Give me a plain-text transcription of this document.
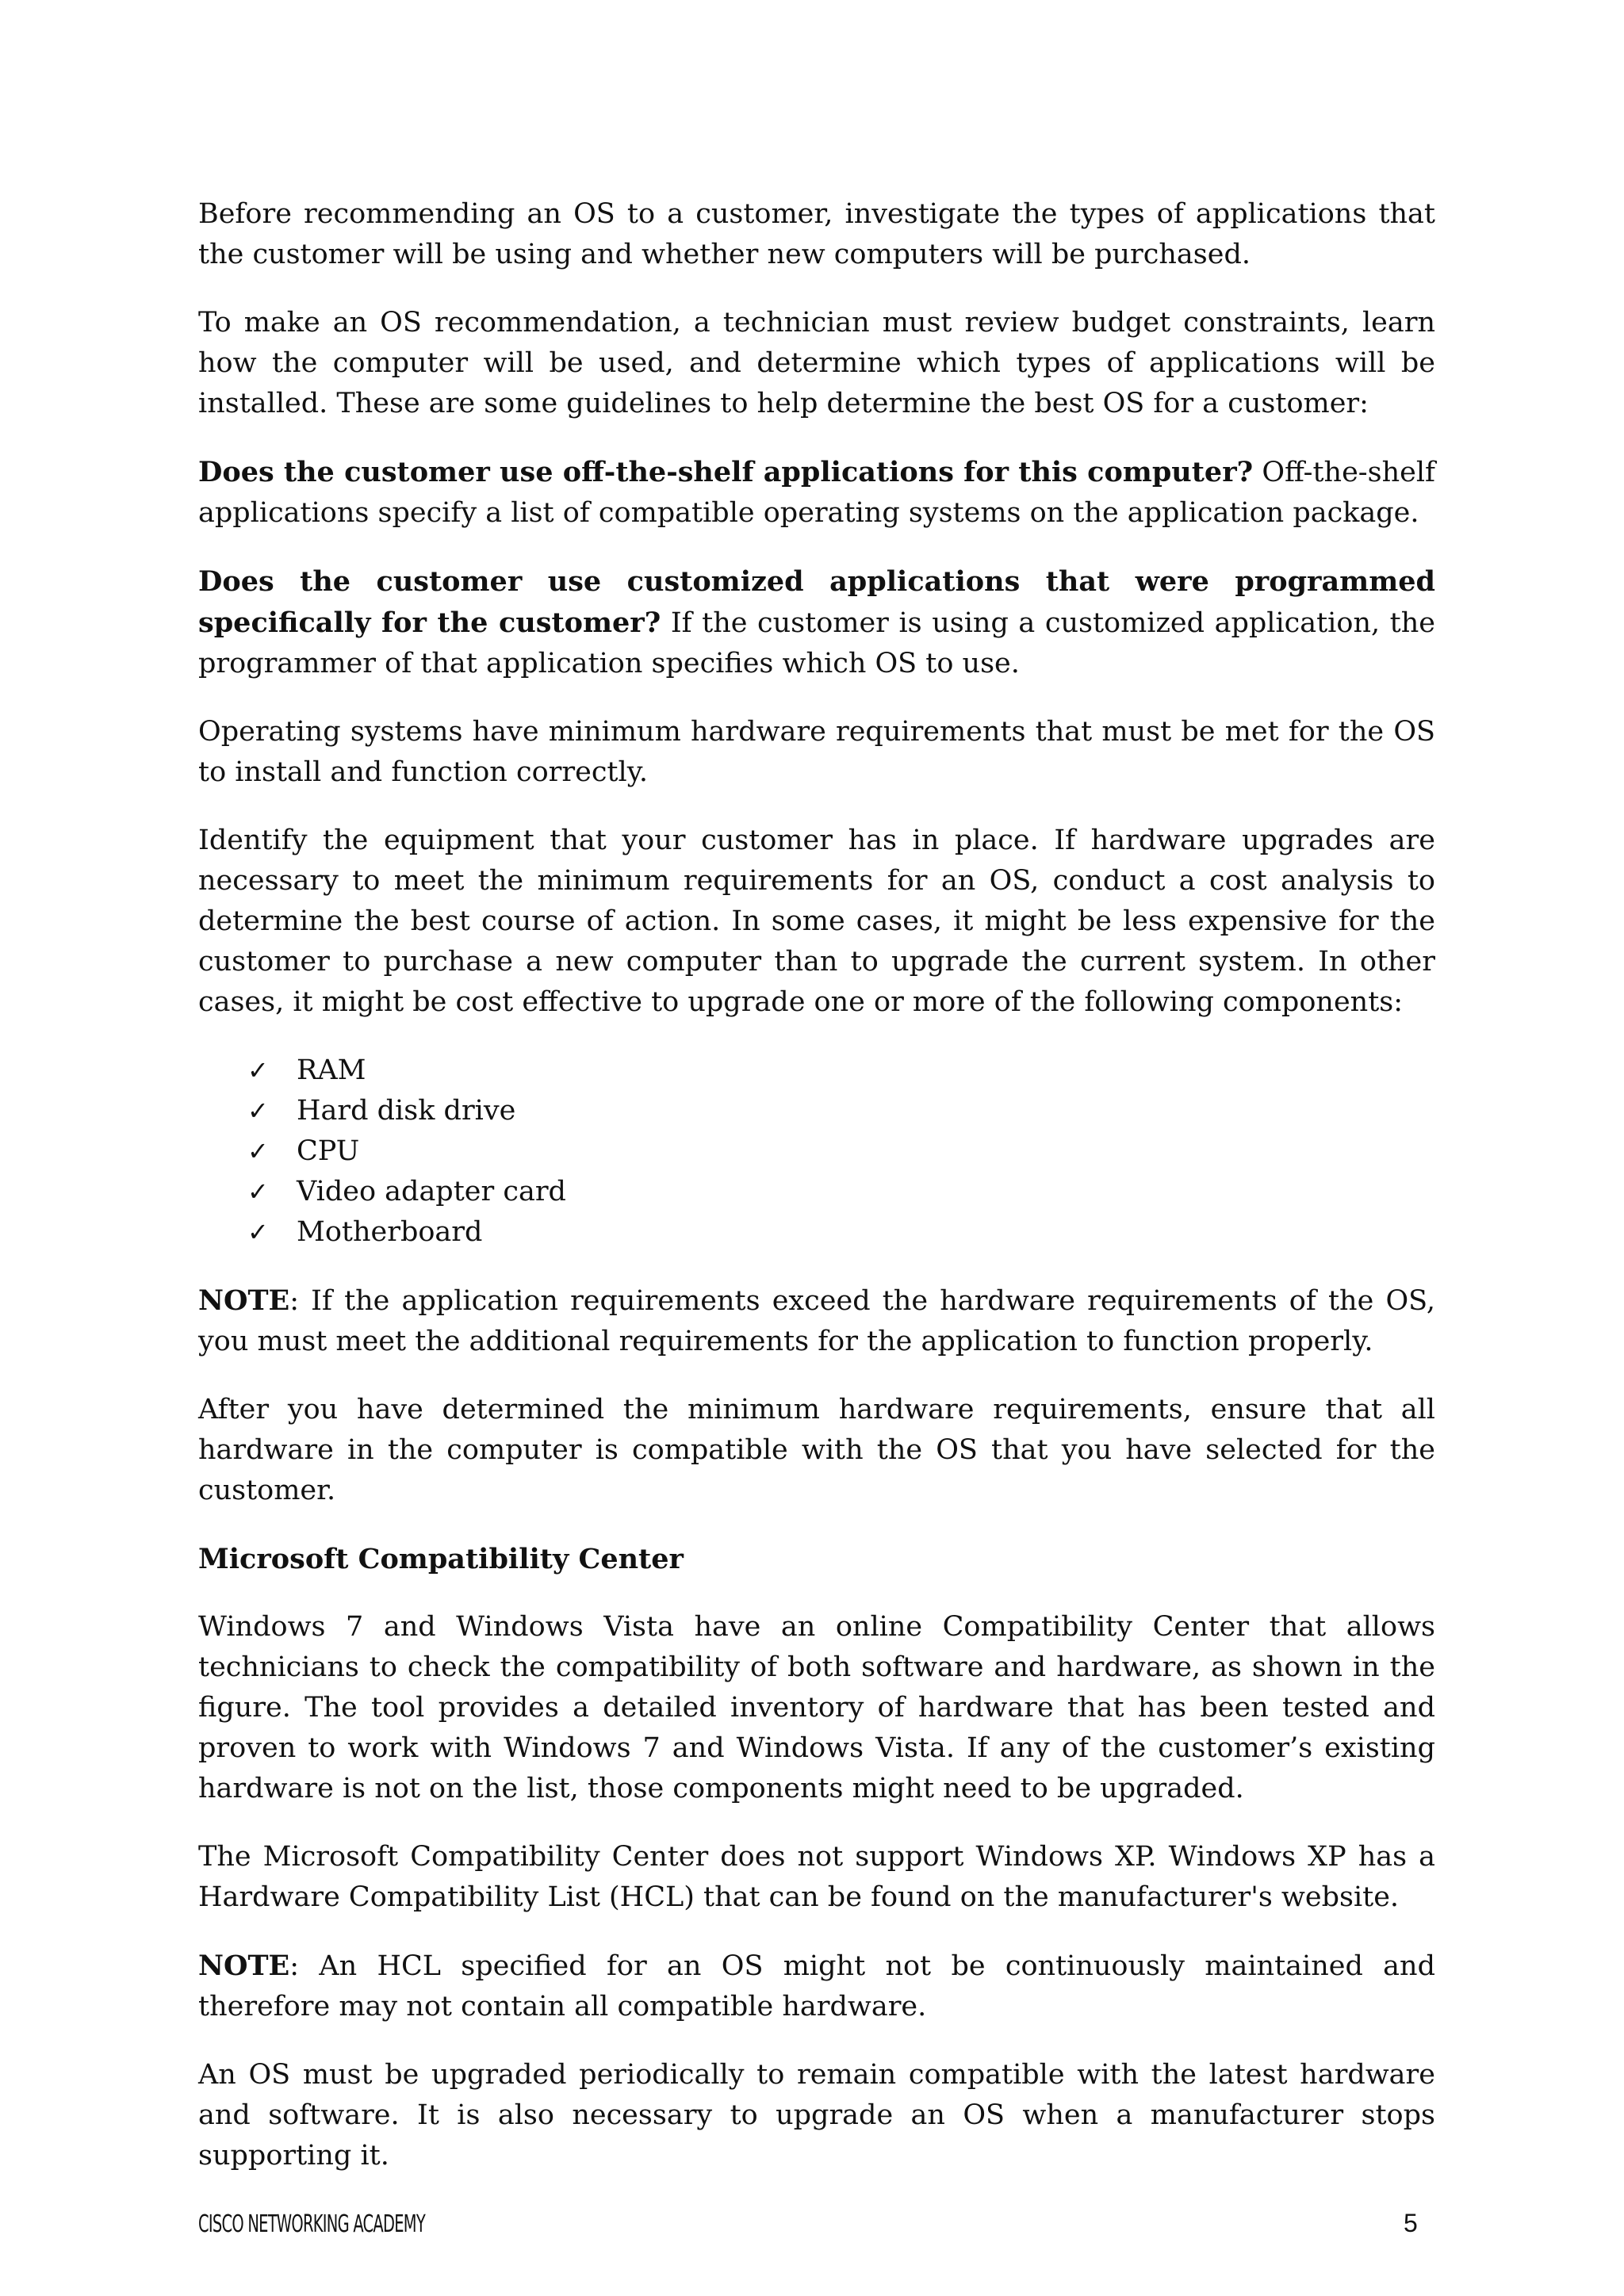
Before recommending an OS to a customer, investigate the types of applications that the customer will be using and whether new computers will be purchased.

To make an OS recommendation, a technician must review budget constraints, learn how the computer will be used, and determine which types of applications will be installed. These are some guidelines to help determine the best OS for a customer:

Does the customer use off-the-shelf applications for this computer? Off-the-shelf applications specify a list of compatible operating systems on the application package.

Does the customer use customized applications that were programmed specifically for the customer? If the customer is using a customized application, the programmer of that application specifies which OS to use.

Operating systems have minimum hardware requirements that must be met for the OS to install and function correctly.

Identify the equipment that your customer has in place. If hardware upgrades are necessary to meet the minimum requirements for an OS, conduct a cost analysis to determine the best course of action. In some cases, it might be less expensive for the customer to purchase a new computer than to upgrade the current system. In other cases, it might be cost effective to upgrade one or more of the following components:

✓	RAM
✓	Hard disk drive
✓	CPU
✓	Video adapter card
✓	Motherboard

NOTE: If the application requirements exceed the hardware requirements of the OS, you must meet the additional requirements for the application to function properly.

After you have determined the minimum hardware requirements, ensure that all hardware in the computer is compatible with the OS that you have selected for the customer.

Microsoft Compatibility Center

Windows 7 and Windows Vista have an online Compatibility Center that allows technicians to check the compatibility of both software and hardware, as shown in the figure. The tool provides a detailed inventory of hardware that has been tested and proven to work with Windows 7 and Windows Vista. If any of the customer’s existing hardware is not on the list, those components might need to be upgraded.

The Microsoft Compatibility Center does not support Windows XP. Windows XP has a Hardware Compatibility List (HCL) that can be found on the manufacturer's website.

NOTE: An HCL specified for an OS might not be continuously maintained and therefore may not contain all compatible hardware.

An OS must be upgraded periodically to remain compatible with the latest hardware and software. It is also necessary to upgrade an OS when a manufacturer stops supporting it.

CISCO NETWORKING ACADEMY	5
